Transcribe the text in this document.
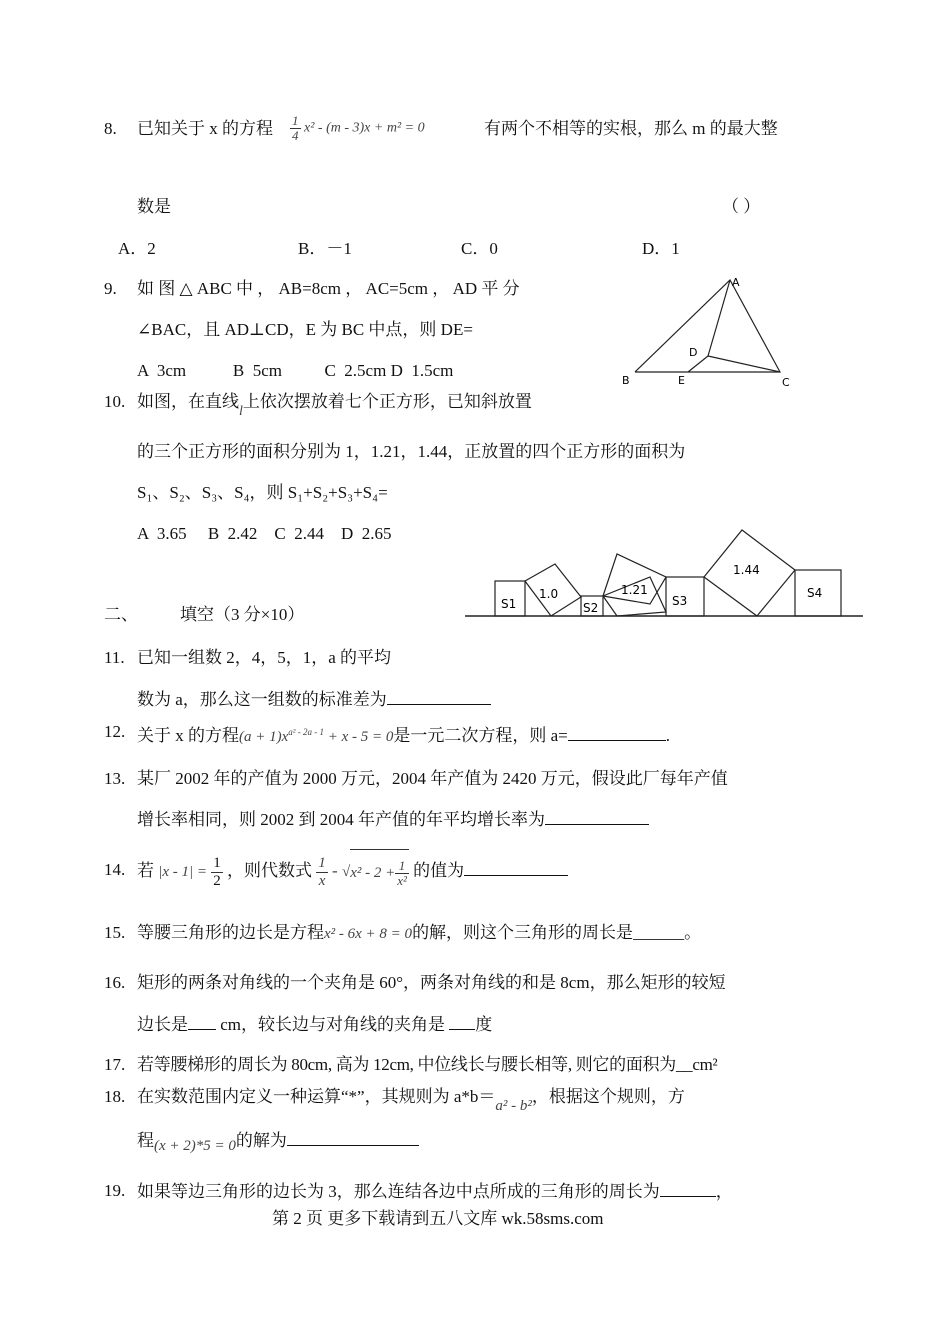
8. 已知关于 x 的方程 $\frac{1}{4} x^2 - (m - 3)x + m^2 = 0$	有两个不相等的实根，那么 m 的最大整
数是	（ ）
A．2	B．－1	C．0	D．1
9. 如 图 △ ABC 中 ， AB=8cm ， AC=5cm ， AD 平 分
∠BAC，且 AD⊥CD，E 为 BC 中点，则 DE=
A  3cm           B  5cm          C  2.5cm D  1.5cm
A
B	C
D
E
10. 如图，在直线$_l$上依次摆放着七个正方形，已知斜放置
的三个正方形的面积分别为 1，1.21，1.44，正放置的四个正方形的面积为
S₁、S₂、S₃、S₄，则 S₁+S₂+S₃+S₄=
A  3.65     B  2.42    C  2.44    D  2.65
S1
1.0
S2
1.21
S3
1.44
S4
二、 填空（3 分×10）
11. 已知一组数 2，4，5，1，a 的平均
数为 a，那么这一组数的标准差为
12. 关于 x 的方程$(a + 1)x^{a^2 - 2a - 1} + x - 5 = 0$是一元二次方程，则 a=	.
13. 某厂 2002 年的产值为 2000 万元，2004 年产值为 2420 万元，假设此厂每年产值
增长率相同，则 2002 到 2004 年产值的年平均增长率为
14. 若 $|x - 1| = \frac{1}{2}$ ，则代数式 $\frac{1}{x} - √x^2 - 2 + \frac{1}{\text{x²}}$ 的值为
15. 等腰三角形的边长是方程x² - 6x + 8 = 0的解，则这个三角形的周长是______。
16. 矩形的两条对角线的一个夹角是 60°，两条对角线的和是 8cm，那么矩形的较短
边长是 cm，较长边与对角线的夹角是 度
17. 若等腰梯形的周长为 80cm, 高为 12cm, 中位线长与腰长相等, 则它的面积为__cm²
18. 在实数范围内定义一种运算“*”，其规则为 a*b＝a² - b²，根据这个规则，方
程(x + 2)*5 = 0的解为
19. 如果等边三角形的边长为 3，那么连结各边中点所成的三角形的周长为	，
第 2 页 更多下载请到五八文库 wk.58sms.com
